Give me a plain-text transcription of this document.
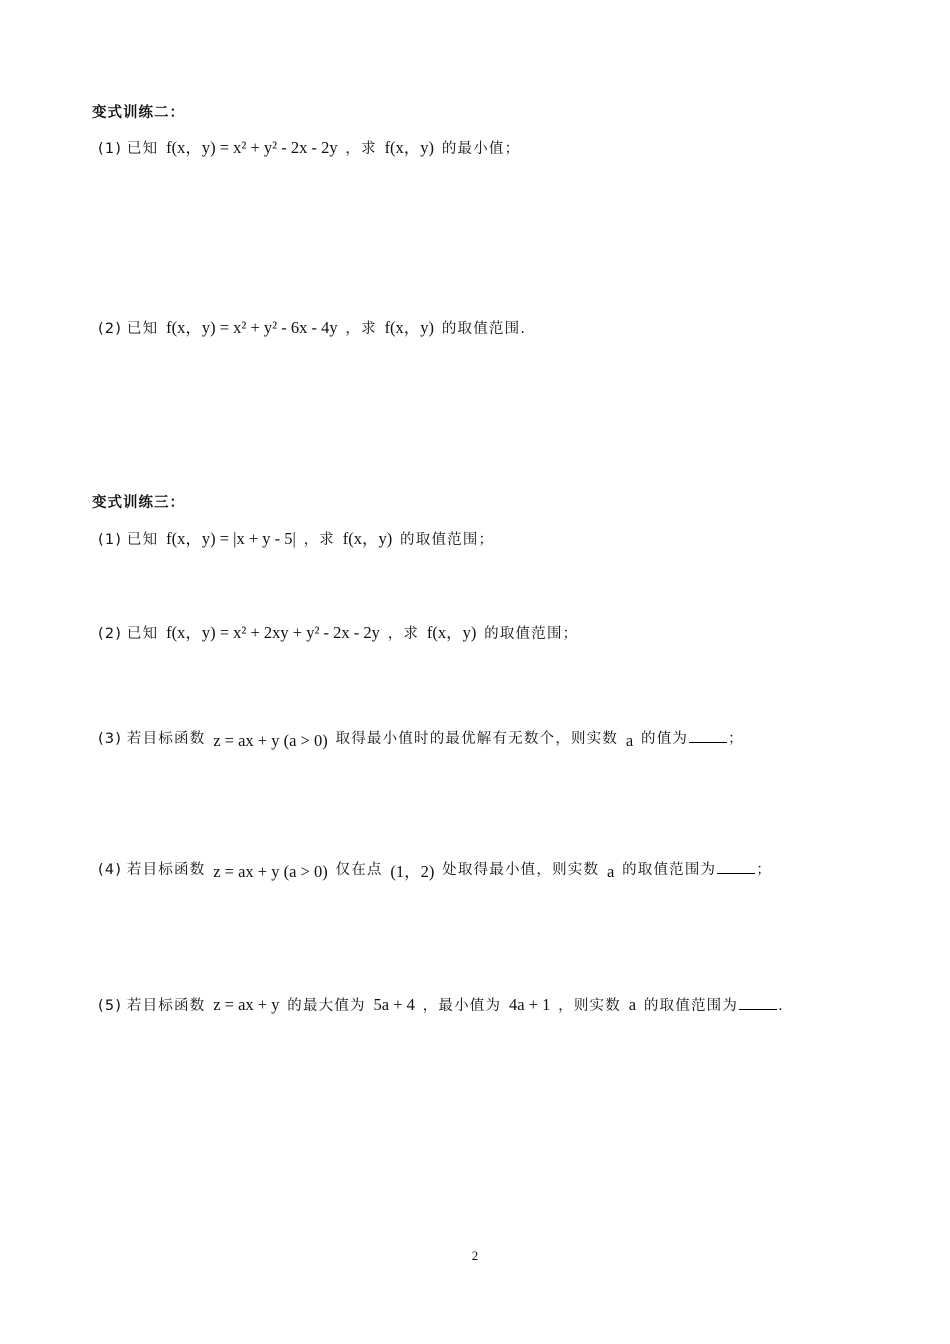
变式训练二：
(1) 已知 f(x，y) = x² + y² - 2x - 2y ，求 f(x，y) 的最小值；
(2) 已知 f(x，y) = x² + y² - 6x - 4y ，求 f(x，y) 的取值范围.
变式训练三：
(1) 已知 f(x，y) = |x + y - 5| ，求 f(x，y) 的取值范围；
(2) 已知 f(x，y) = x² + 2xy + y² - 2x - 2y ，求 f(x，y) 的取值范围；
(3) 若目标函数 z = ax + y (a > 0) 取得最小值时的最优解有无数个，则实数 a 的值为	；
(4) 若目标函数 z = ax + y (a > 0) 仅在点 (1，2) 处取得最小值，则实数 a 的取值范围为	；
(5) 若目标函数 z = ax + y 的最大值为 5a + 4 ，最小值为 4a + 1 ，则实数 a 的取值范围为	.
2
